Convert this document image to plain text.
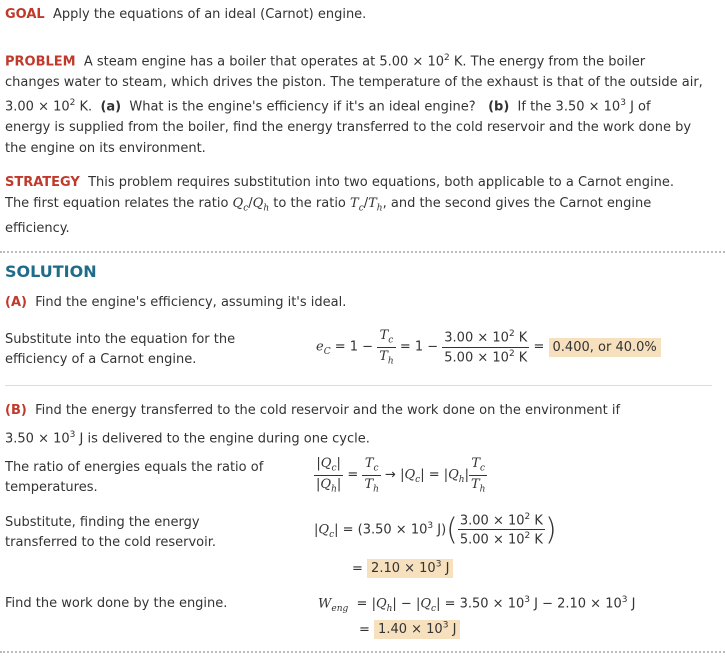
GOAL Apply the equations of an ideal (Carnot) engine.
PROBLEM A steam engine has a boiler that operates at $5.00 \times 10^2$ K. The energy from the boiler
changes water to steam, which drives the piston. The temperature of the exhaust is that of the outside air,
$3.00 \times 10^2$ K. (a) What is the engine's efficiency if it's an ideal engine? (b) If the $3.50 \times 10^3$ J of
energy is supplied from the boiler, find the energy transferred to the cold reservoir and the work done by
the engine on its environment.
STRATEGY This problem requires substitution into two equations, both applicable to a Carnot engine.
The first equation relates the ratio $Q_c/Q_h$ to the ratio $T_c/T_h$, and the second gives the Carnot engine
efficiency.
SOLUTION
(A) Find the engine's efficiency, assuming it's ideal.
Substitute into the equation for the
efficiency of a Carnot engine.
$e_C = 1 - \frac{T_c}{T_h} = 1 - \frac{3.00 \times 10^2 K}{5.00 \times 10^2 K} = 0.400$, or 40.0%
(B) Find the energy transferred to the cold reservoir and the work done on the environment if
$3.50 \times 10^3$ J is delivered to the engine during one cycle.
The ratio of energies equals the ratio of
temperatures.	$\frac{|Q_c|}{|Q_h|} = \frac{T_c}{T_h} \to |Q_c| = |Q_h| \frac{T_c}{T_h}$
Substitute, finding the energy
transferred to the cold reservoir.
$|Q_c| = (3.50 \times 10^3$ $J)( \frac{3.00 \times 10^2 K}{5.00 \times 10^2 K}$ )
= $2.10 \times 10^3$ J
Find the work done by the engine.	$W_{eng} = |Q_h| - |Q_c| = 3.50 \times 10^3$ $J - 2.10 \times 10^3$ J
= $1.40 \times 10^3$ J
